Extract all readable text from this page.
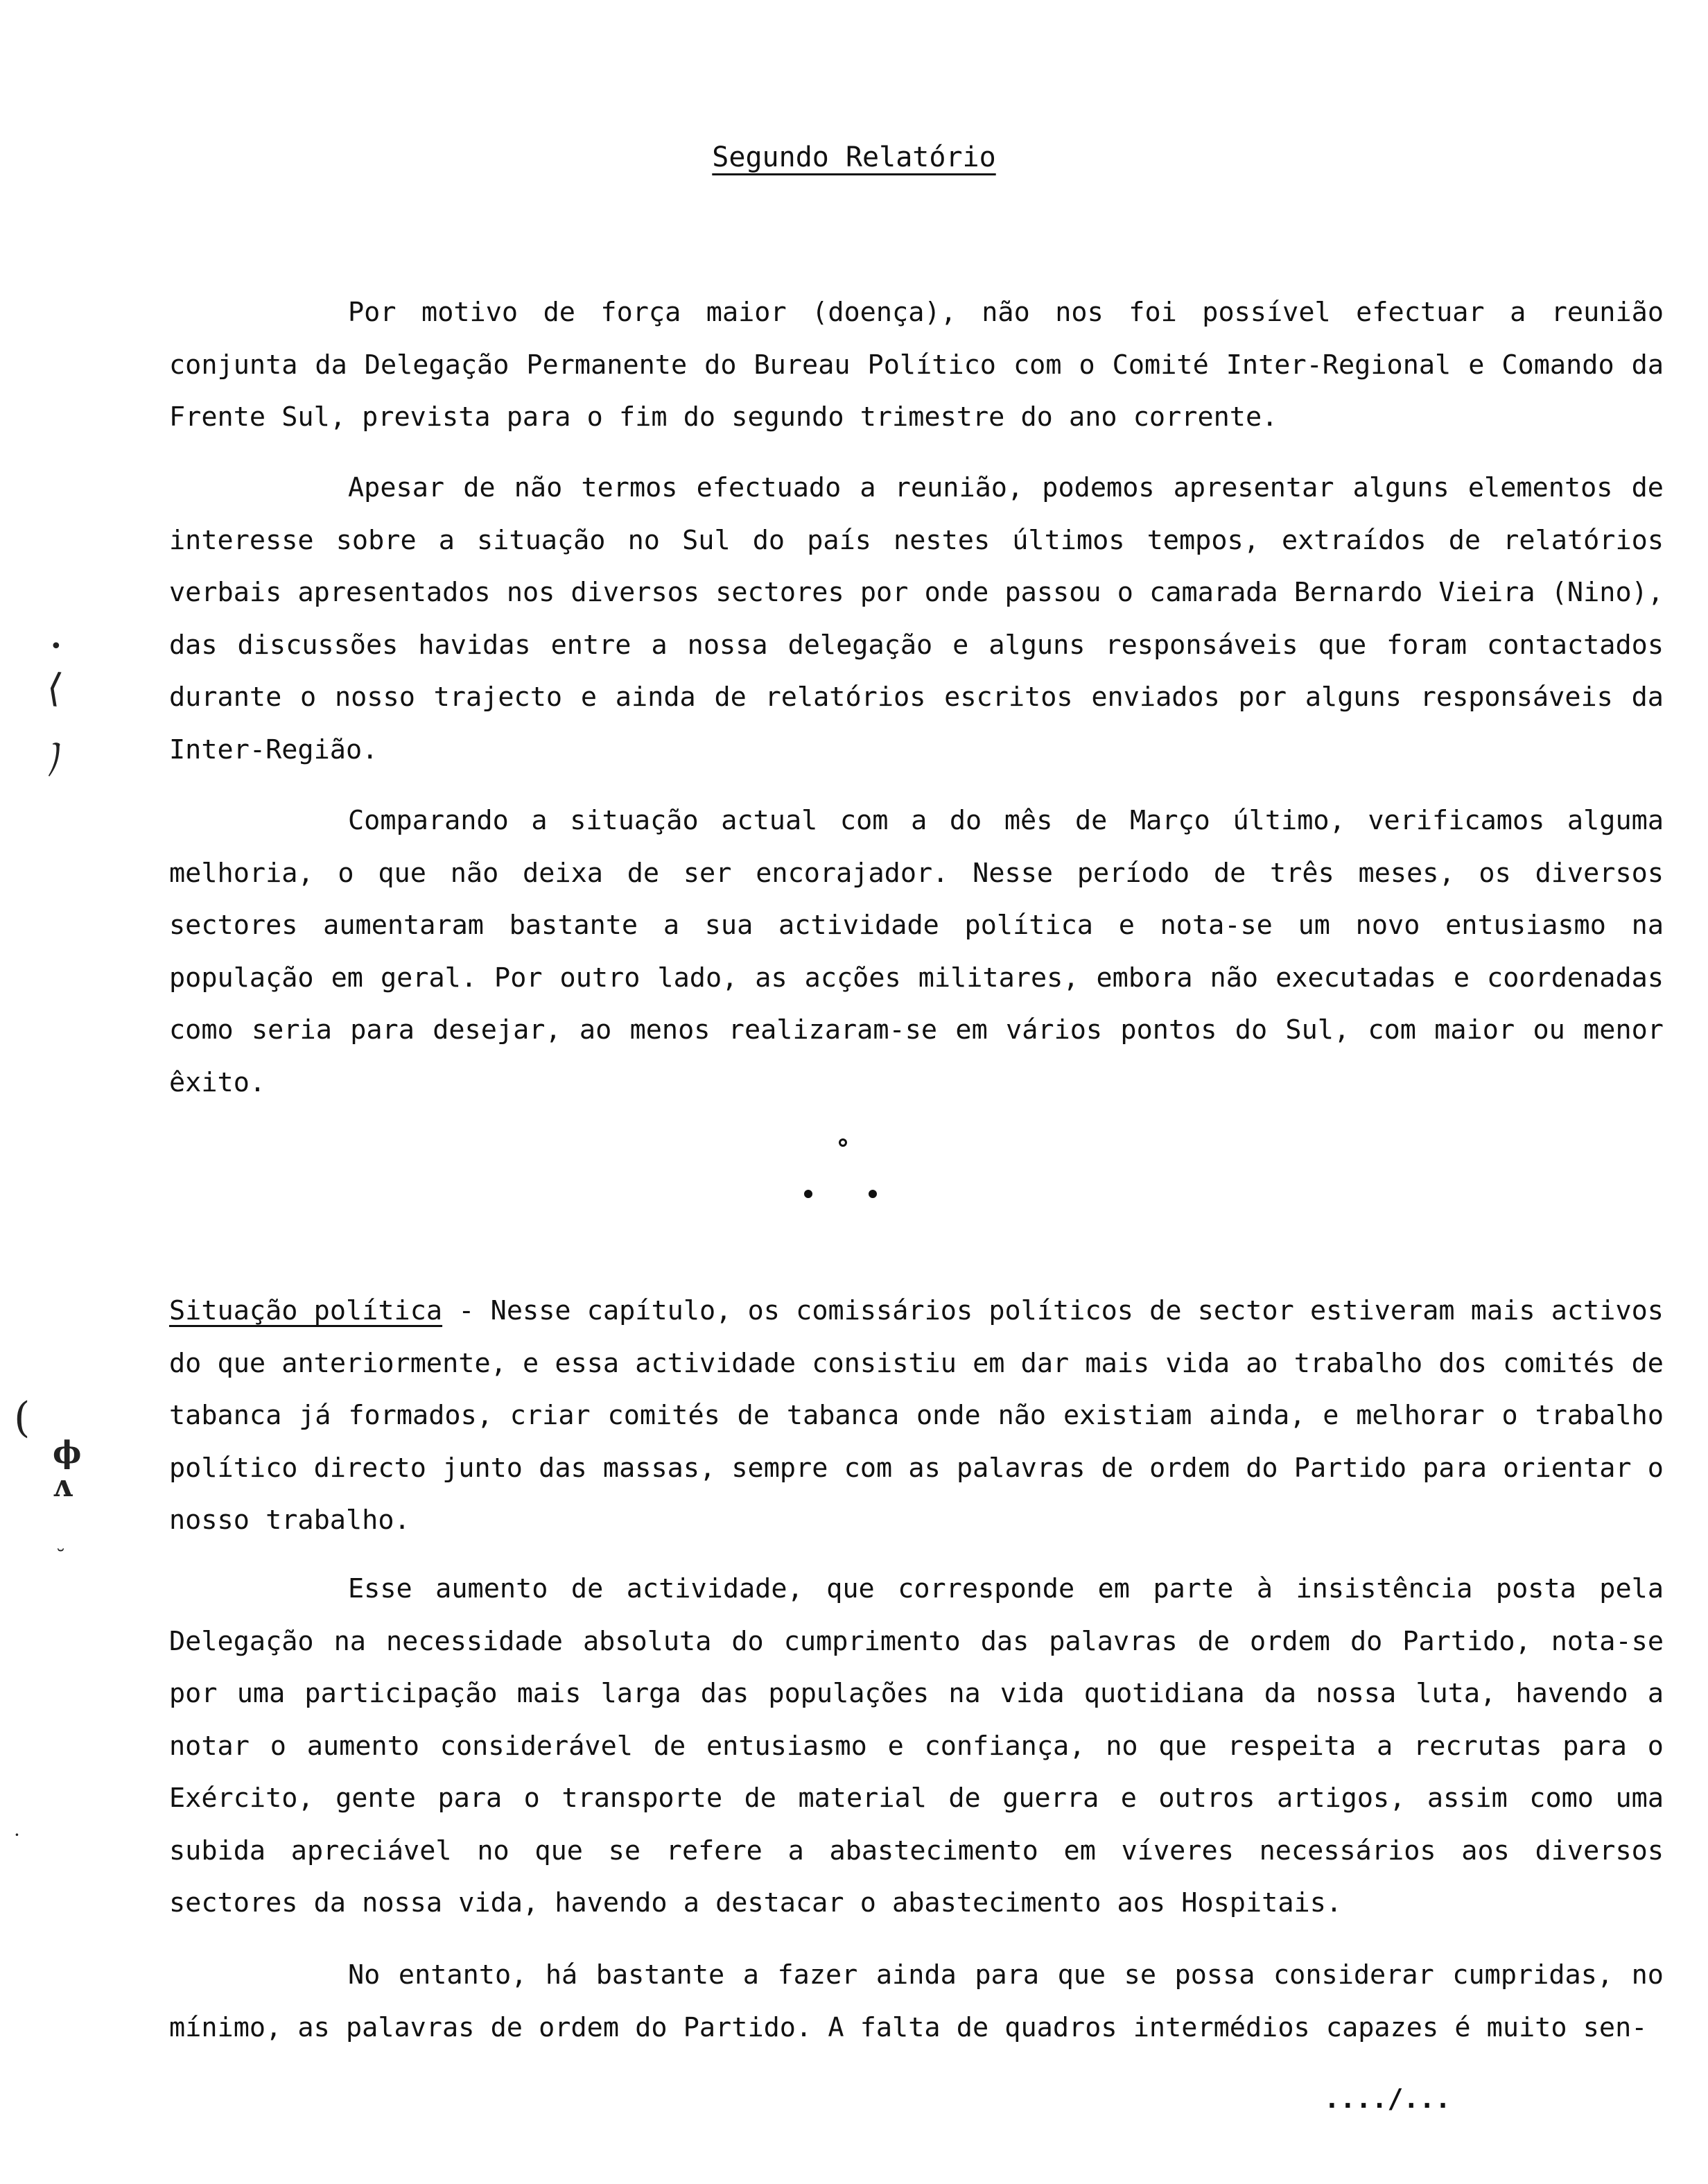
Segundo Relatório
Por motivo de força maior (doença), não nos foi possível efectuar a reunião conjunta da Delegação Permanente do Bureau Político com o Comité Inter-Regional e Comando da Frente Sul, prevista para o fim do segundo trimestre do ano corrente.
Apesar de não termos efectuado a reunião, podemos apresentar alguns elementos de interesse sobre a situação no Sul do país nestes últimos tempos, extraídos de relatórios verbais apresentados nos diversos sectores por onde passou o camarada Bernardo Vieira (Nino), das discussões havidas entre a nossa delegação e alguns responsáveis que foram contactados durante o nosso trajecto e ainda de relatórios escritos enviados por alguns responsáveis da Inter-Região.
Comparando a situação actual com a do mês de Março último, verificamos alguma melhoria, o que não deixa de ser encorajador. Nesse período de três meses, os diversos sectores aumentaram bastante a sua actividade política e nota-se um novo entusiasmo na população em geral. Por outro lado, as acções militares, embora não executadas e coordenadas como seria para desejar, ao menos realizaram-se em vários pontos do Sul, com maior ou menor êxito.
Situação política - Nesse capítulo, os comissários políticos de sector estiveram mais activos do que anteriormente, e essa actividade consistiu em dar mais vida ao trabalho dos comités de tabanca já formados, criar comités de tabanca onde não existiam ainda, e melhorar o trabalho político directo junto das massas, sempre com as palavras de ordem do Partido para orientar o nosso trabalho.
Esse aumento de actividade, que corresponde em parte à insistência posta pela Delegação na necessidade absoluta do cumprimento das palavras de ordem do Partido, nota-se por uma participação mais larga das populações na vida quotidiana da nossa luta, havendo a notar o aumento considerável de entusiasmo e confiança, no que respeita a recrutas para o Exército, gente para o transporte de material de guerra e outros artigos, assim como uma subida apreciável no que se refere a abastecimento em víveres necessários aos diversos sectores da nossa vida, havendo a destacar o abastecimento aos Hospitais.
No entanto, há bastante a fazer ainda para que se possa considerar cumpridas, no mínimo, as palavras de ordem do Partido. A falta de quadros intermédios capazes é muito sen-
..../...
•
⟨
ノ
(
ϕ
ʌ
˘
·
